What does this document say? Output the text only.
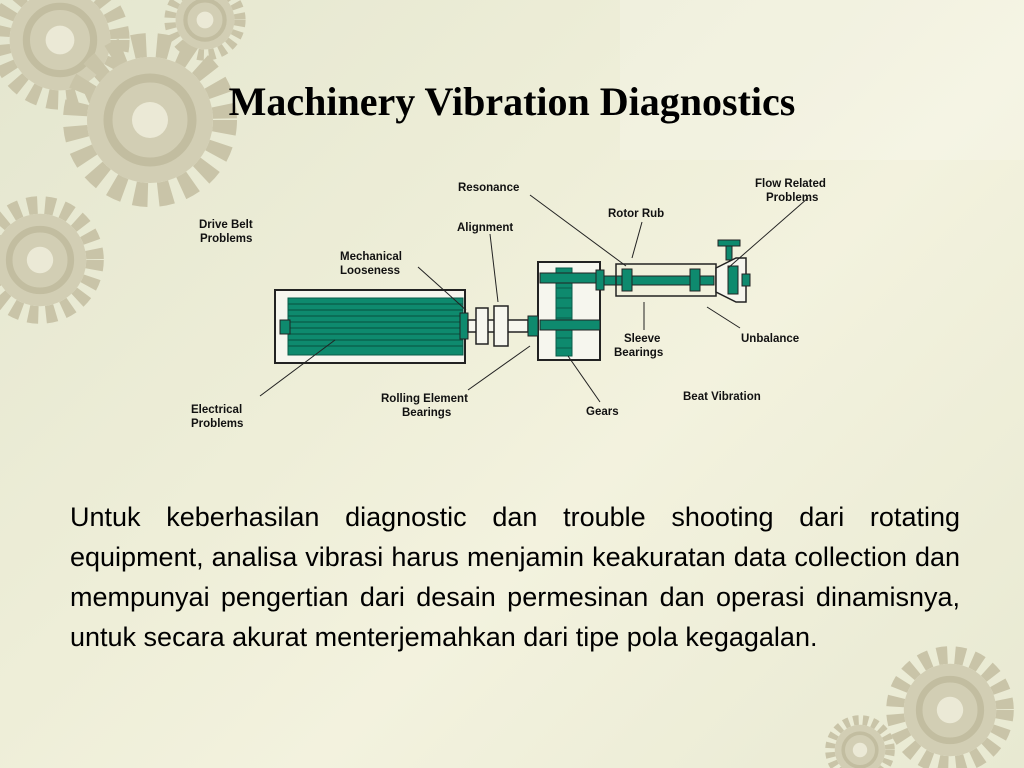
Machinery Vibration Diagnostics
Resonance	Flow Related
Problems
Drive Belt
Problems
Alignment
Rotor Rub
Mechanical
Looseness
Sleeve
Bearings
Unbalance
Beat Vibration
Electrical
Problems
Rolling Element
Bearings	Gears

Untuk keberhasilan diagnostic dan trouble shooting dari rotating equipment, analisa vibrasi harus menjamin keakuratan data collection dan mempunyai pengertian dari desain permesinan dan operasi dinamisnya, untuk secara akurat menterjemahkan dari tipe pola kegagalan.
